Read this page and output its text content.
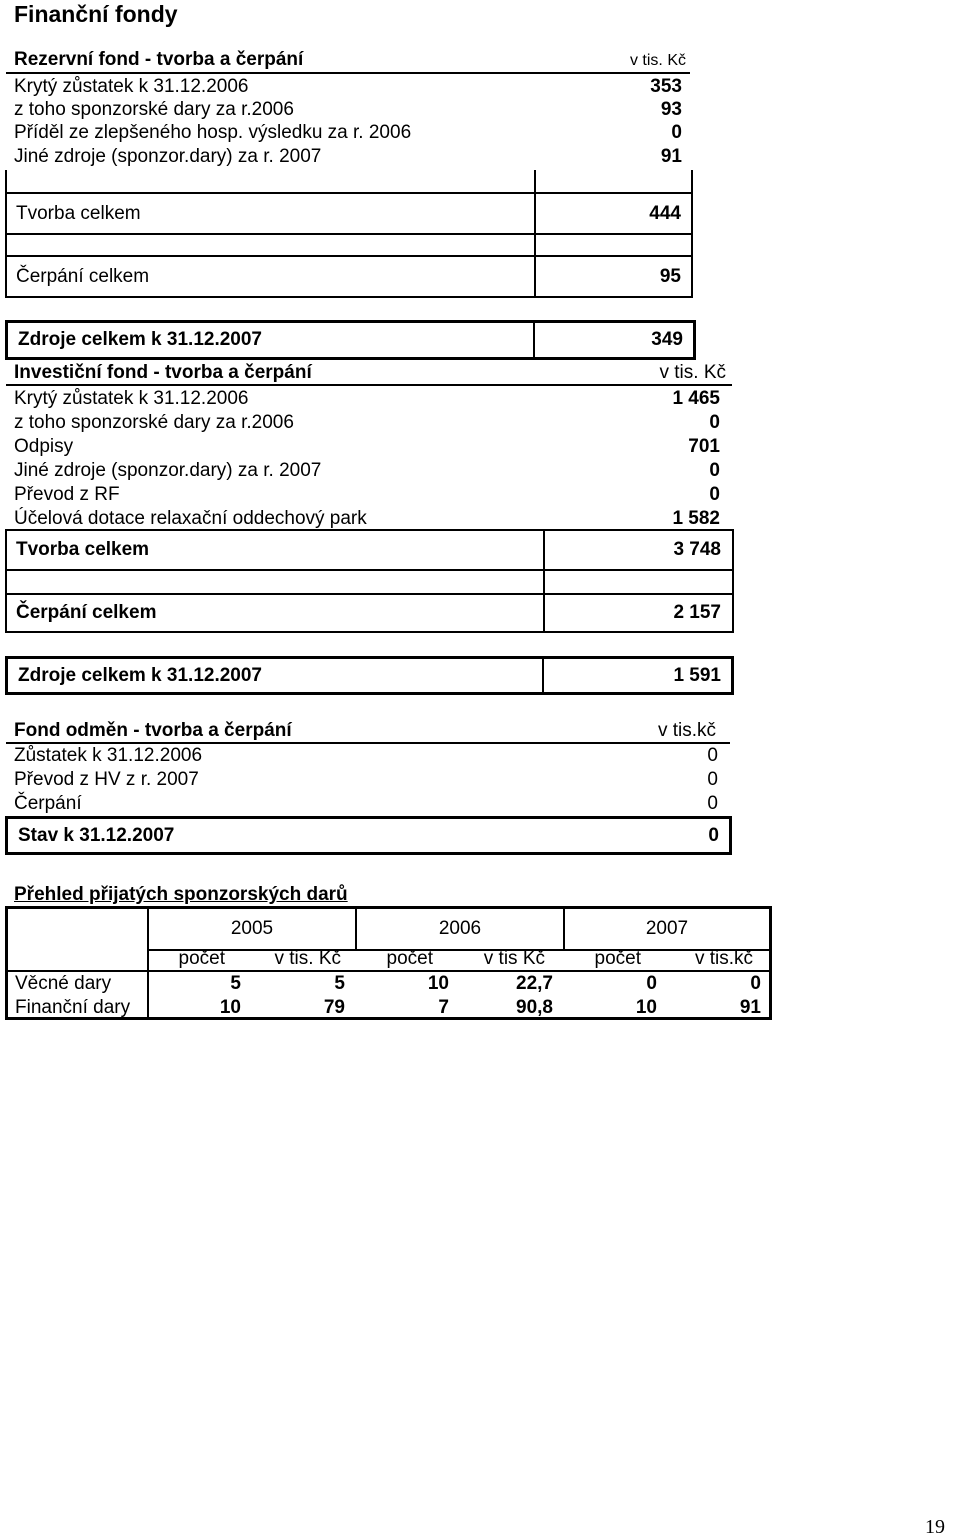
Finanční fondy
Rezervní fond - tvorba a čerpání	v tis. Kč
Krytý zůstatek k 31.12.2006	353
z toho sponzorské dary za r.2006	93
Příděl ze zlepšeného hosp. výsledku za r. 2006	0
Jiné zdroje (sponzor.dary) za r. 2007	91
Tvorba celkem	444
Čerpání celkem	95
Zdroje celkem k 31.12.2007	349
Investiční fond - tvorba a čerpání	v tis. Kč
Krytý zůstatek k 31.12.2006	1 465
z toho sponzorské dary za r.2006	0
Odpisy	701
Jiné zdroje (sponzor.dary) za r. 2007	0
Převod z RF	0
Účelová dotace relaxační oddechový park	1 582
Tvorba celkem	3 748
Čerpání celkem	2 157
Zdroje celkem k 31.12.2007	1 591
Fond odměn - tvorba a čerpání	v tis.kč
Zůstatek k 31.12.2006	0
Převod z HV z r. 2007	0
Čerpání	0
Stav k 31.12.2007	0
Přehled přijatých sponzorských darů
2005	2006	2007
počet	v tis. Kč	počet	v tis Kč	počet	v tis.kč
Věcné dary	5	5	10	22,7	0	0
Finanční dary	10	79	7	90,8	10	91
19
